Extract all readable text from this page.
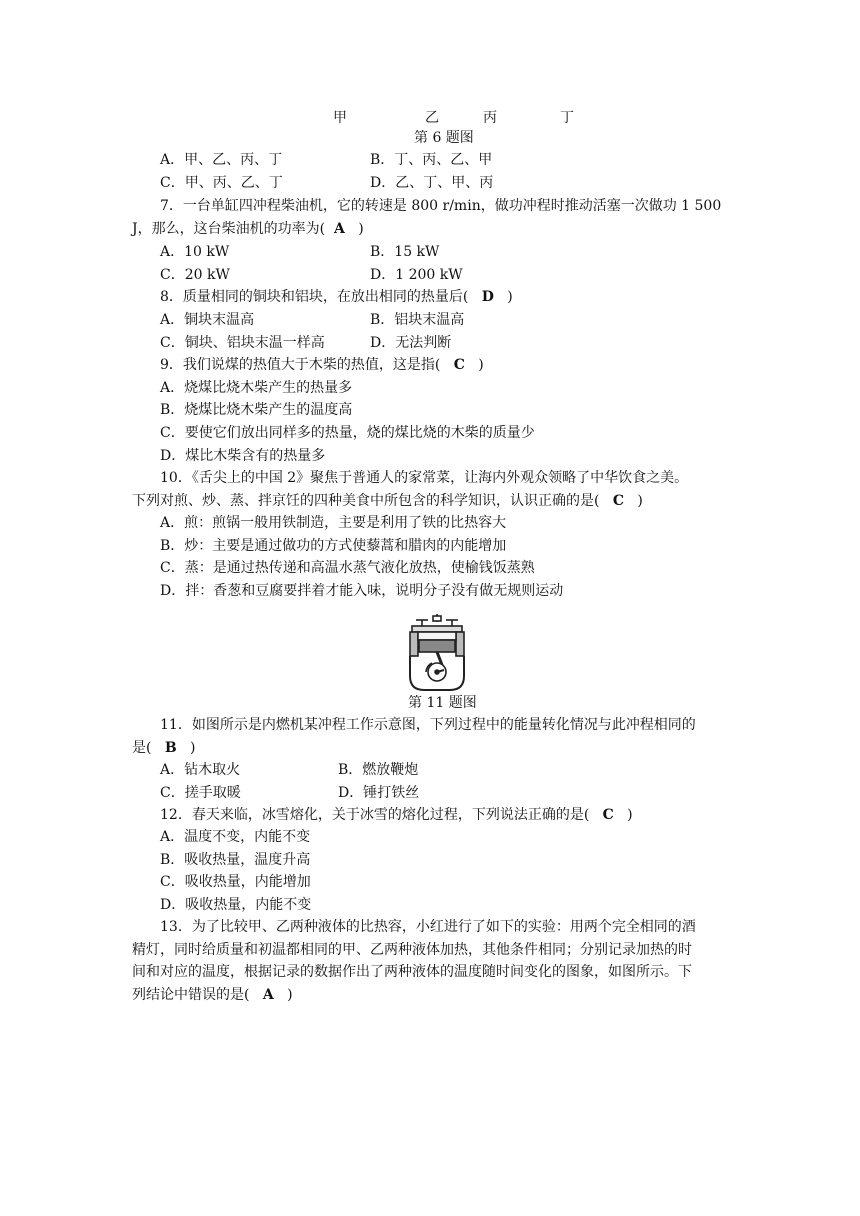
甲	乙	丙	丁
第 6 题图
A．甲、乙、丙、丁	B．丁、丙、乙、甲
C．甲、丙、乙、丁	D．乙、丁、甲、丙
7．一台单缸四冲程柴油机，它的转速是 800 r/min，做功冲程时推动活塞一次做功 1 500
J，那么，这台柴油机的功率为( A )
A．10 kW	B．15 kW
C．20 kW	D．1 200 kW
8．质量相同的铜块和铝块，在放出相同的热量后( D )
A．铜块末温高	B．铝块末温高
C．铜块、铝块末温一样高	D．无法判断
9．我们说煤的热值大于木柴的热值，这是指( C )
A．烧煤比烧木柴产生的热量多
B．烧煤比烧木柴产生的温度高
C．要使它们放出同样多的热量，烧的煤比烧的木柴的质量少
D．煤比木柴含有的热量多
10．《舌尖上的中国 2》聚焦于普通人的家常菜，让海内外观众领略了中华饮食之美。
下列对煎、炒、蒸、拌京饪的四种美食中所包含的科学知识，认识正确的是( C )
A．煎：煎锅一般用铁制造，主要是利用了铁的比热容大
B．炒：主要是通过做功的方式使藜蒿和腊肉的内能增加
C．蒸：是通过热传递和高温水蒸气液化放热，使榆钱饭蒸熟
D．拌：香葱和豆腐要拌着才能入味，说明分子没有做无规则运动
第 11 题图
11．如图所示是内燃机某冲程工作示意图，下列过程中的能量转化情况与此冲程相同的
是( B )
A．钻木取火	B．燃放鞭炮
C．搓手取暖	D．锤打铁丝
12．春天来临，冰雪熔化，关于冰雪的熔化过程，下列说法正确的是( C )
A．温度不变，内能不变
B．吸收热量，温度升高
C．吸收热量，内能增加
D．吸收热量，内能不变
13．为了比较甲、乙两种液体的比热容，小红进行了如下的实验：用两个完全相同的酒
精灯，同时给质量和初温都相同的甲、乙两种液体加热，其他条件相同；分别记录加热的时
间和对应的温度，根据记录的数据作出了两种液体的温度随时间变化的图象，如图所示。下
列结论中错误的是( A )
